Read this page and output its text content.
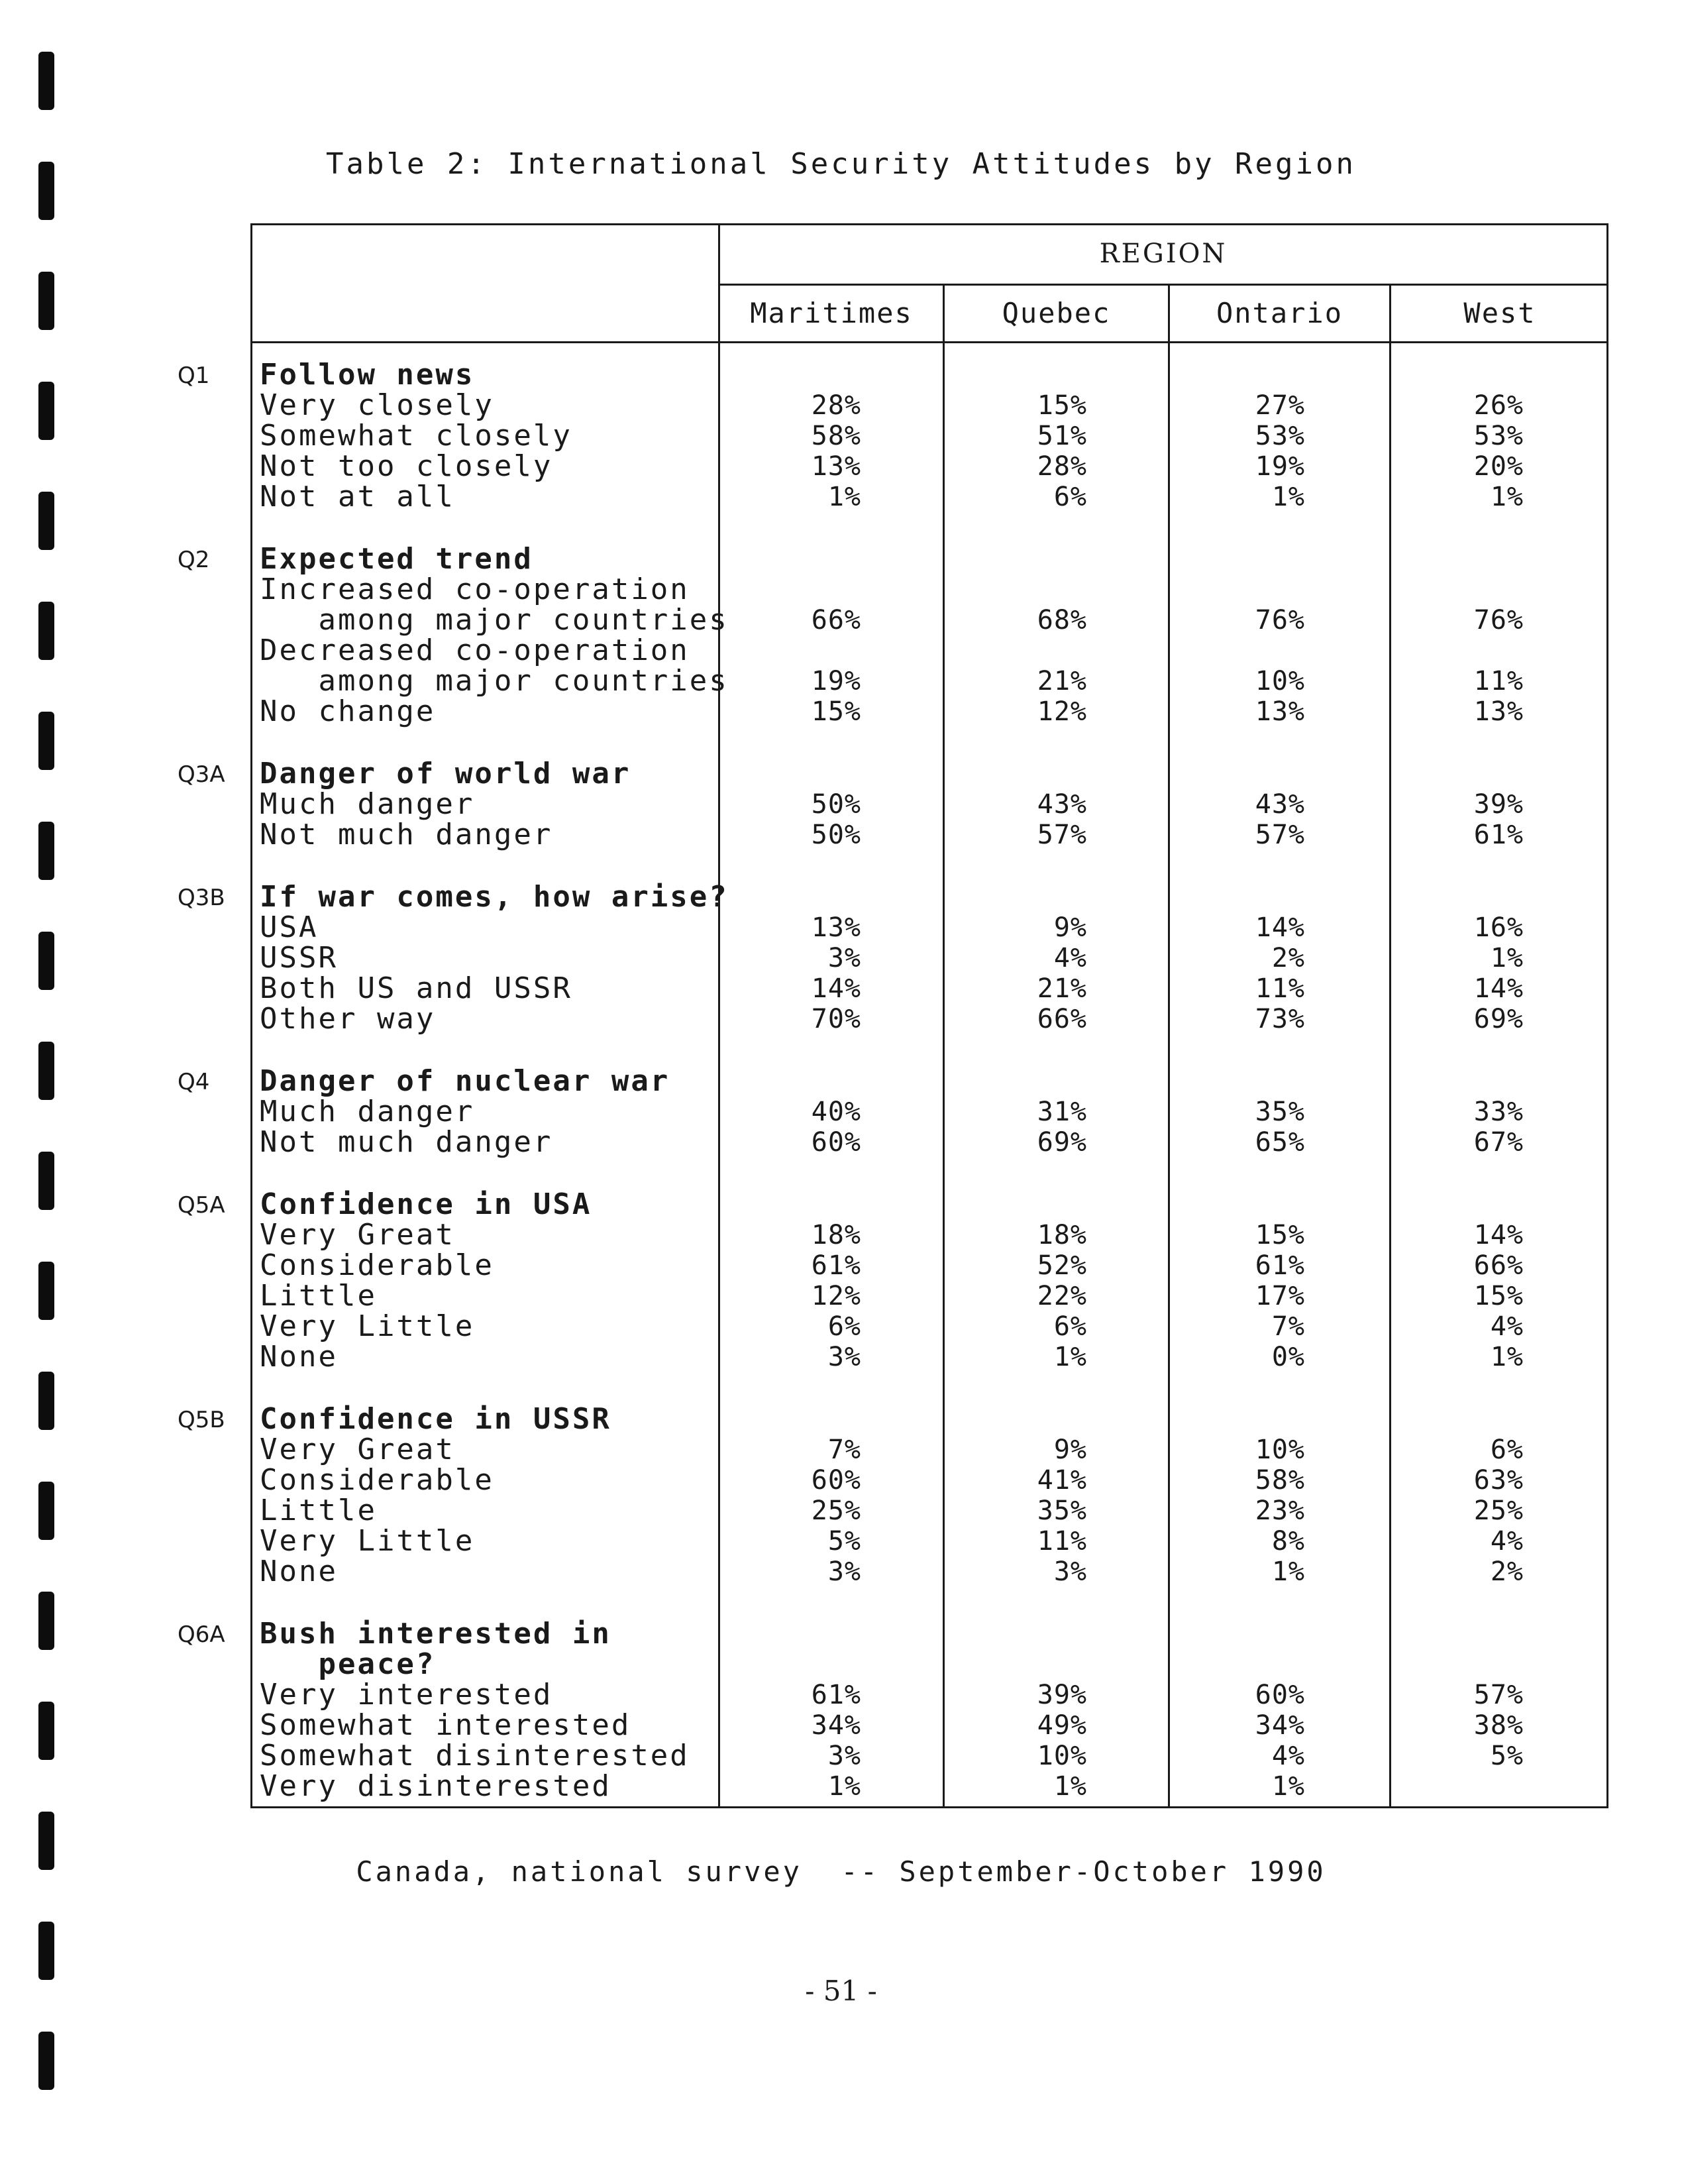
Table 2: International Security Attitudes by Region
REGION
Maritimes	Quebec	Ontario	West
Q1 Follow news
Very closely	28%	15%	27%	26%
Somewhat closely	58%	51%	53%	53%
Not too closely	13%	28%	19%	20%
Not at all	1%	6%	1%	1%
Q2 Expected trend
Increased co-operation
among major countries	66%	68%	76%	76%
Decreased co-operation
among major countries	19%	21%	10%	11%
No change	15%	12%	13%	13%
Q3A Danger of world war
Much danger	50%	43%	43%	39%
Not much danger	50%	57%	57%	61%
Q3B If war comes, how arise?
USA	13%	9%	14%	16%
USSR	3%	4%	2%	1%
Both US and USSR	14%	21%	11%	14%
Other way	70%	66%	73%	69%
Q4 Danger of nuclear war
Much danger	40%	31%	35%	33%
Not much danger	60%	69%	65%	67%
Q5A Confidence in USA
Very Great	18%	18%	15%	14%
Considerable	61%	52%	61%	66%
Little	12%	22%	17%	15%
Very Little	6%	6%	7%	4%
None	3%	1%	0%	1%
Q5B Confidence in USSR
Very Great	7%	9%	10%	6%
Considerable	60%	41%	58%	63%
Little	25%	35%	23%	25%
Very Little	5%	11%	8%	4%
None	3%	3%	1%	2%
Q6A Bush interested in
peace?
Very interested	61%	39%	60%	57%
Somewhat interested	34%	49%	34%	38%
Somewhat disinterested	3%	10%	4%	5%
Very disinterested	1%	1%	1%
Canada, national survey  -- September-October 1990
- 51 -
